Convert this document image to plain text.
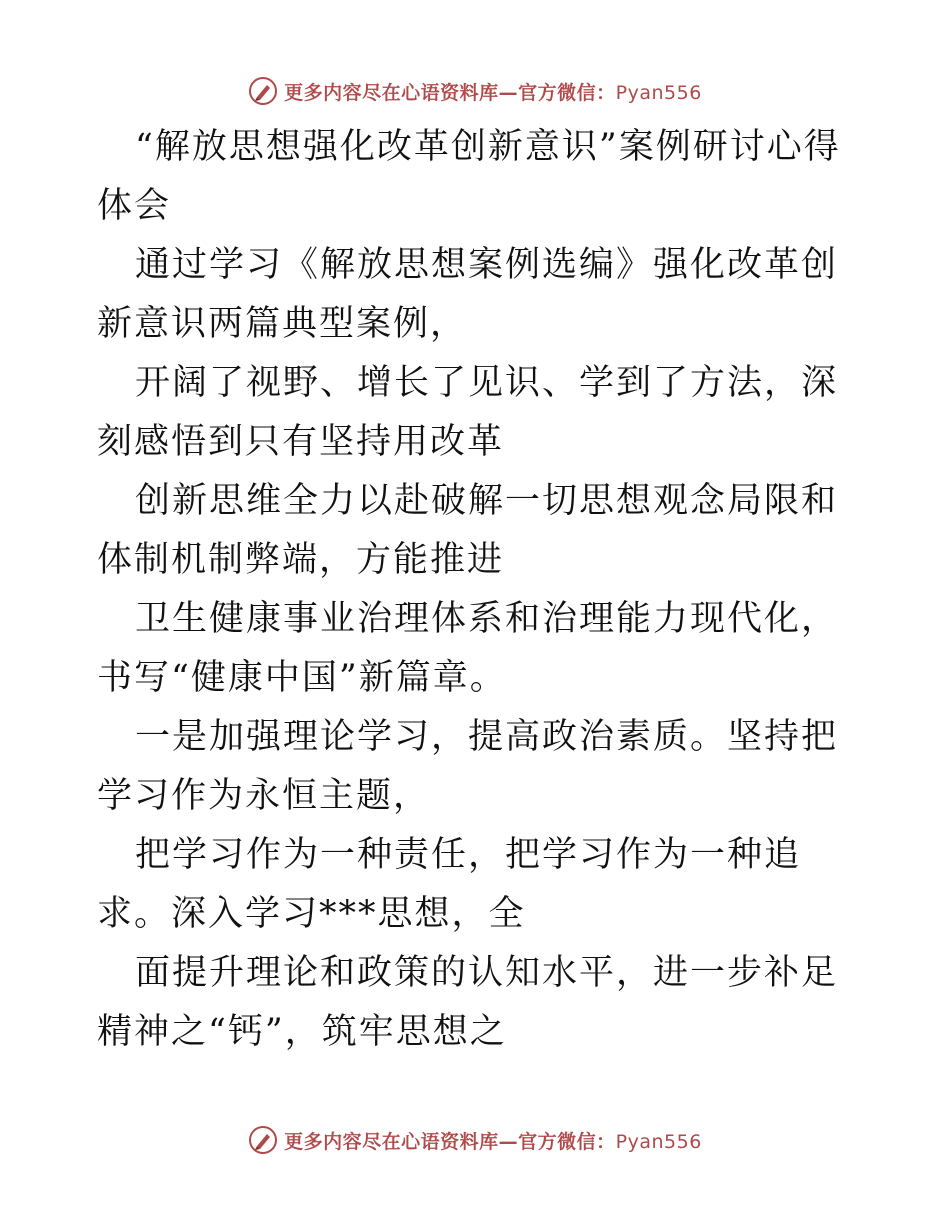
更多内容尽在心语资料库—官方微信：Pyan556

“解放思想强化改革创新意识”案例研讨心得体会

通过学习《解放思想案例选编》强化改革创新意识两篇典型案例，

开阔了视野、增长了见识、学到了方法，深刻感悟到只有坚持用改革

创新思维全力以赴破解一切思想观念局限和体制机制弊端，方能推进

卫生健康事业治理体系和治理能力现代化，书写“健康中国”新篇章。

一是加强理论学习，提高政治素质。坚持把学习作为永恒主题，

把学习作为一种责任，把学习作为一种追求。深入学习***思想，全

面提升理论和政策的认知水平，进一步补足精神之“钙”，筑牢思想之

更多内容尽在心语资料库—官方微信：Pyan556
